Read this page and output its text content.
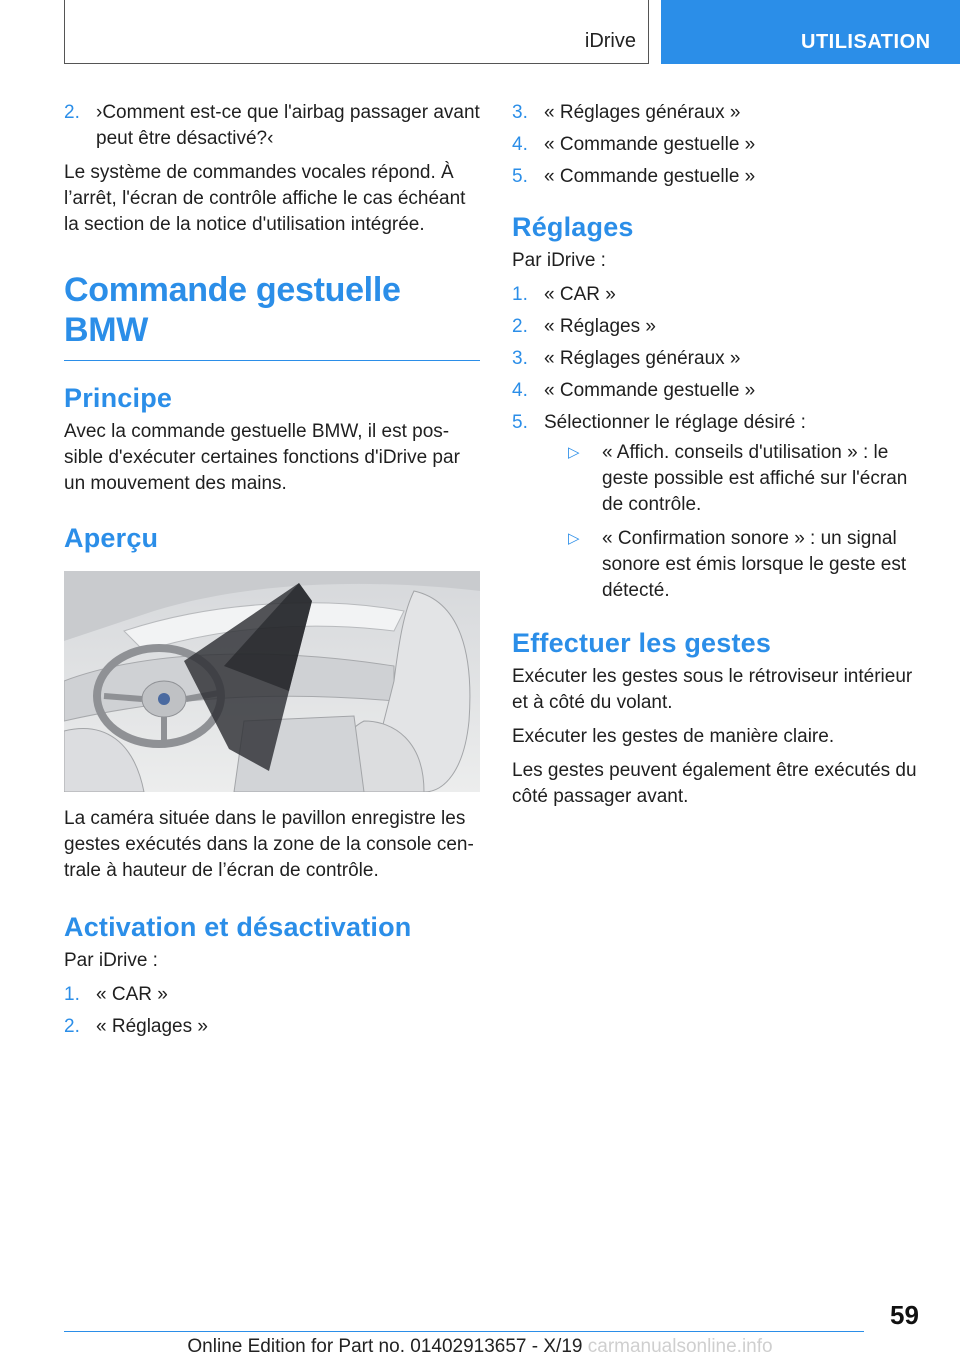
iDrive	UTILISATION
2. ›Comment est-ce que l'airbag passager avant peut être désactivé?‹

Le système de commandes vocales répond. À l’arrêt, l'écran de contrôle affiche le cas échéant la section de la notice d'utilisation intégrée.

Commande gestuelle BMW
Principe

Avec la commande gestuelle BMW, il est possible d'exécuter certaines fonctions d'iDrive par un mouvement des mains.

Aperçu

La caméra située dans le pavillon enregistre les gestes exécutés dans la zone de la console centrale à hauteur de l’écran de contrôle.

Activation et désactivation

Par iDrive :

1. « CAR »
2. « Réglages »
3. « Réglages généraux »
4. « Commande gestuelle »
5. « Commande gestuelle »
Réglages

Par iDrive :

1. « CAR »
2. « Réglages »
3. « Réglages généraux »
4. « Commande gestuelle »
5. Sélectionner le réglage désiré :
▷ « Affich. conseils d'utilisation » : le geste possible est affiché sur l'écran de contrôle.
▷ « Confirmation sonore » : un signal sonore est émis lorsque le geste est détecté.
Effectuer les gestes

Exécuter les gestes sous le rétroviseur intérieur et à côté du volant.

Exécuter les gestes de manière claire.

Les gestes peuvent également être exécutés du côté passager avant.

59
Online Edition for Part no. 01402913657 - X/19 carmanualsonline.info
